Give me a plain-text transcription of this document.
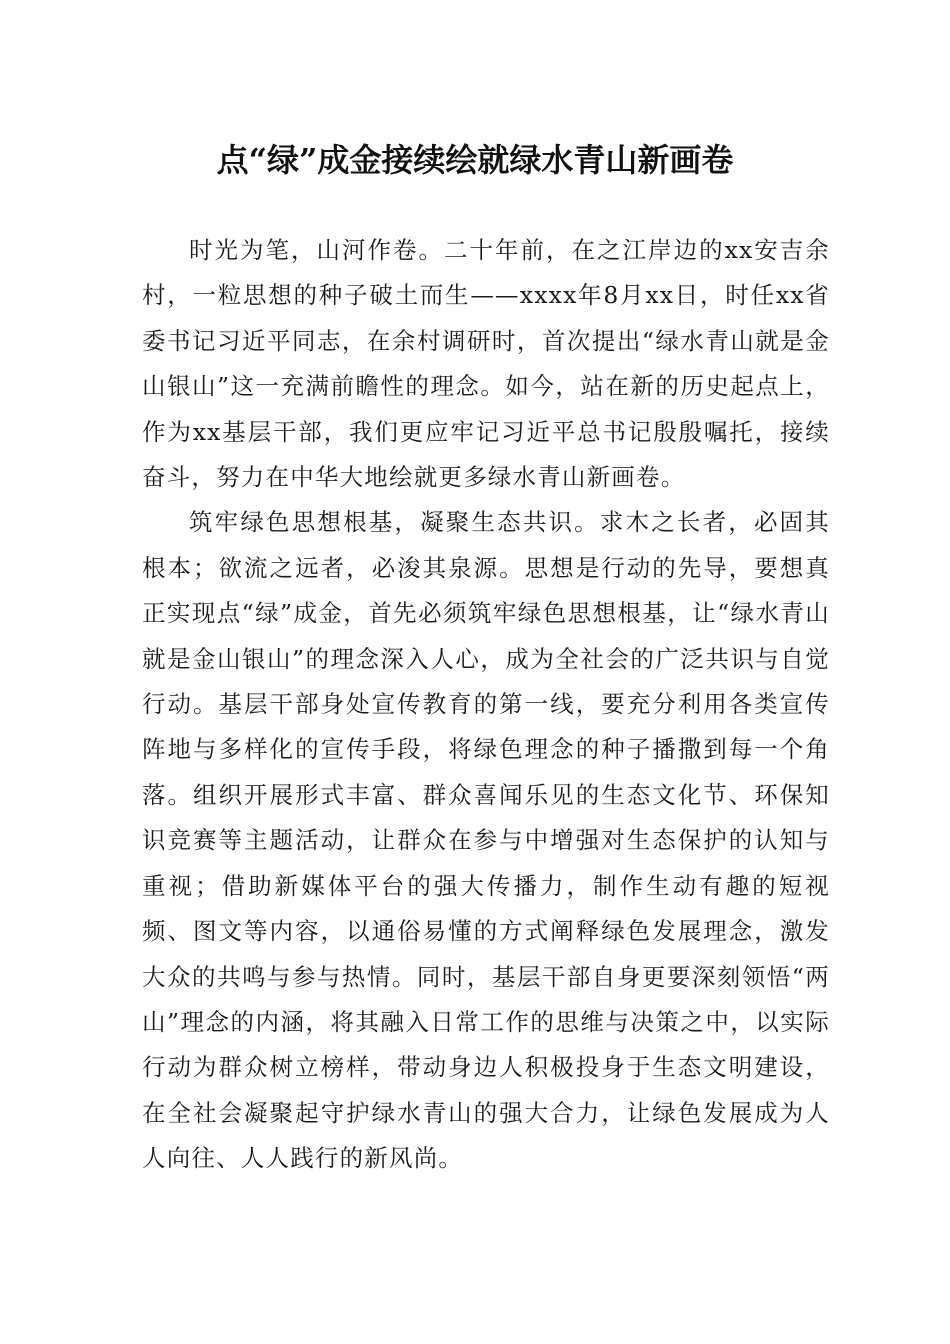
点“绿”成金接续绘就绿水青山新画卷

时光为笔，山河作卷。二十年前，在之江岸边的xx安吉余村，一粒思想的种子破土而生——xxxx年8月xx日，时任xx省委书记习近平同志，在余村调研时，首次提出“绿水青山就是金山银山”这一充满前瞻性的理念。如今，站在新的历史起点上，作为xx基层干部，我们更应牢记习近平总书记殷殷嘱托，接续奋斗，努力在中华大地绘就更多绿水青山新画卷。

筑牢绿色思想根基，凝聚生态共识。求木之长者，必固其根本；欲流之远者，必浚其泉源。思想是行动的先导，要想真正实现点“绿”成金，首先必须筑牢绿色思想根基，让“绿水青山就是金山银山”的理念深入人心，成为全社会的广泛共识与自觉行动。基层干部身处宣传教育的第一线，要充分利用各类宣传阵地与多样化的宣传手段，将绿色理念的种子播撒到每一个角落。组织开展形式丰富、群众喜闻乐见的生态文化节、环保知识竞赛等主题活动，让群众在参与中增强对生态保护的认知与重视；借助新媒体平台的强大传播力，制作生动有趣的短视频、图文等内容，以通俗易懂的方式阐释绿色发展理念，激发大众的共鸣与参与热情。同时，基层干部自身更要深刻领悟“两山”理念的内涵，将其融入日常工作的思维与决策之中，以实际行动为群众树立榜样，带动身边人积极投身于生态文明建设，在全社会凝聚起守护绿水青山的强大合力，让绿色发展成为人人向往、人人践行的新风尚。
